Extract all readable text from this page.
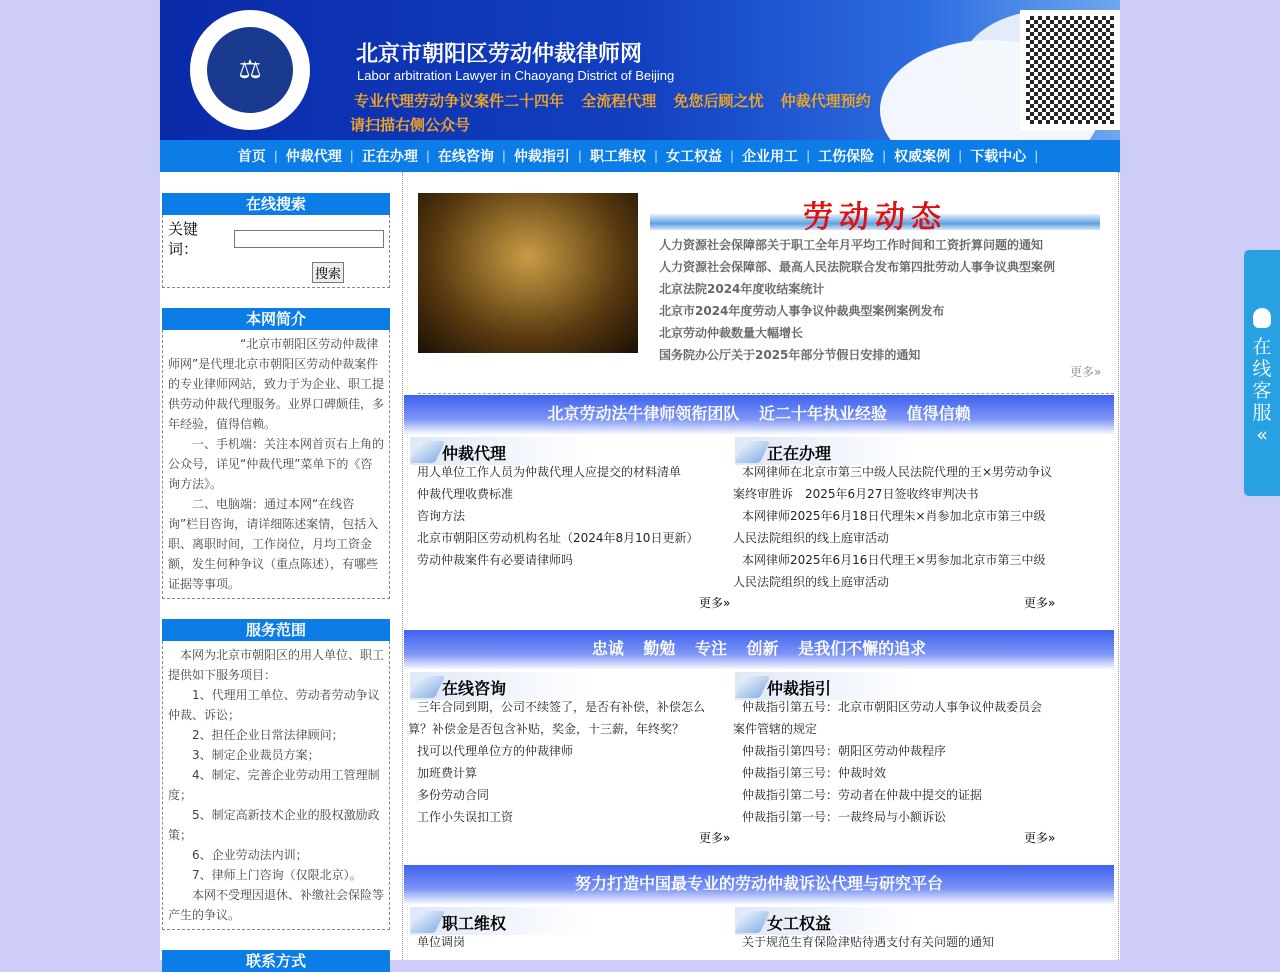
⚖
北京市朝阳区劳动仲裁律师网
Labor arbitration Lawyer in Chaoyang District of Beijing
专业代理劳动争议案件二十四年 全流程代理 免您后顾之忧 仲裁代理预约
请扫描右侧公众号
首页 | 仲裁代理 | 正在办理 | 在线咨询 | 仲裁指引 | 职工维权 | 女工权益 | 企业用工 | 工伤保险 | 权威案例 | 下载中心 |
在线搜索
关键词：
搜索
本网简介

“北京市朝阳区劳动仲裁律师网”是代理北京市朝阳区劳动仲裁案件的专业律师网站，致力于为企业、职工提供劳动仲裁代理服务。业界口碑颇佳，多年经验，值得信赖。

一、手机端：关注本网首页右上角的公众号，详见“仲裁代理”菜单下的《咨询方法》。

二、电脑端：通过本网“在线咨询”栏目咨询，请详细陈述案情，包括入职、离职时间，工作岗位，月均工资金额，发生何种争议（重点陈述），有哪些证据等事项。

服务范围

本网为北京市朝阳区的用人单位、职工提供如下服务项目：

1、代理用工单位、劳动者劳动争议仲裁、诉讼；

2、担任企业日常法律顾问；

3、制定企业裁员方案；

4、制定、完善企业劳动用工管理制度；

5、制定高新技术企业的股权激励政策；

6、企业劳动法内训；

7、律师上门咨询（仅限北京）。

本网不受理因退休、补缴社会保险等产生的争议。

联系方式
劳动动态
人力资源社会保障部关于职工全年月平均工作时间和工资折算问题的通知
人力资源社会保障部、最高人民法院联合发布第四批劳动人事争议典型案例
北京法院2024年度收结案统计
北京市2024年度劳动人事争议仲裁典型案例案例发布
北京劳动仲裁数量大幅增长
国务院办公厅关于2025年部分节假日安排的通知
更多»
北京劳动法牛律师领衔团队 近二十年执业经验 值得信赖
忠诚 勤勉 专注 创新 是我们不懈的追求
努力打造中国最专业的劳动仲裁诉讼代理与研究平台
仲裁代理
用人单位工作人员为仲裁代理人应提交的材料清单
仲裁代理收费标准
咨询方法
北京市朝阳区劳动机构名址（2024年8月10日更新）
劳动仲裁案件有必要请律师吗
更多»
正在办理
本网律师在北京市第三中级人民法院代理的王×男劳动争议案终审胜诉　2025年6月27日签收终审判决书
本网律师2025年6月18日代理朱×肖参加北京市第三中级人民法院组织的线上庭审活动
本网律师2025年6月16日代理王×男参加北京市第三中级人民法院组织的线上庭审活动
更多»
在线咨询
三年合同到期，公司不续签了，是否有补偿，补偿怎么算？补偿金是否包含补贴，奖金，十三薪，年终奖？
找可以代理单位方的仲裁律师
加班费计算
多份劳动合同
工作小失误扣工资
更多»
仲裁指引
仲裁指引第五号：北京市朝阳区劳动人事争议仲裁委员会案件管辖的规定
仲裁指引第四号：朝阳区劳动仲裁程序
仲裁指引第三号：仲裁时效
仲裁指引第二号：劳动者在仲裁中提交的证据
仲裁指引第一号：一裁终局与小额诉讼
更多»
职工维权
单位调岗
女工权益
关于规范生育保险津贴待遇支付有关问题的通知
在线客服
«
